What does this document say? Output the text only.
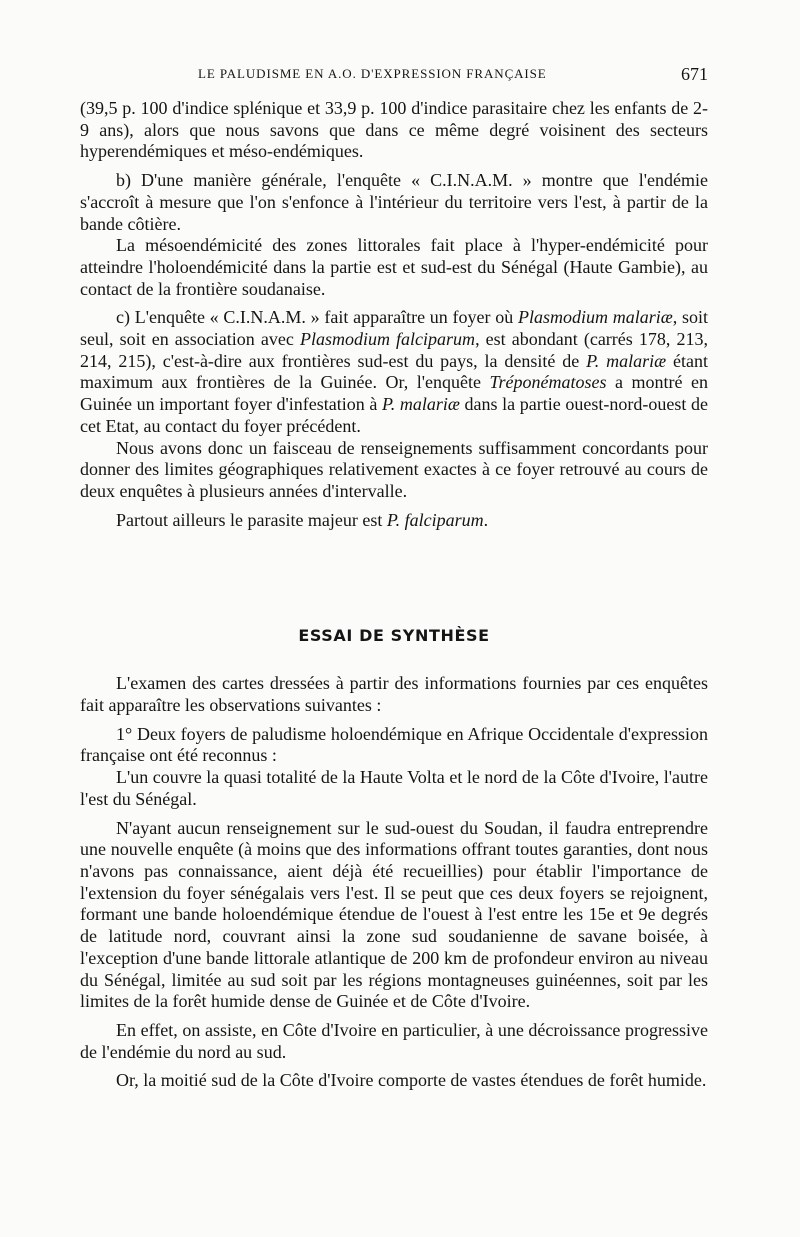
LE PALUDISME EN A.O. D'EXPRESSION FRANÇAISE	671

(39,5 p. 100 d'indice splénique et 33,9 p. 100 d'indice parasitaire chez les enfants de 2-9 ans), alors que nous savons que dans ce même degré voisinent des secteurs hyperendémiques et méso-endémiques.

b) D'une manière générale, l'enquête « C.I.N.A.M. » montre que l'endémie s'accroît à mesure que l'on s'enfonce à l'intérieur du territoire vers l'est, à partir de la bande côtière.

La mésoendémicité des zones littorales fait place à l'hyper-endémicité pour atteindre l'holoendémicité dans la partie est et sud-est du Sénégal (Haute Gambie), au contact de la frontière soudanaise.

c) L'enquête « C.I.N.A.M. » fait apparaître un foyer où Plasmodium malariæ, soit seul, soit en association avec Plasmodium falciparum, est abondant (carrés 178, 213, 214, 215), c'est-à-dire aux frontières sud-est du pays, la densité de P. malariæ étant maximum aux frontières de la Guinée. Or, l'enquête Tréponématoses a montré en Guinée un important foyer d'infestation à P. malariæ dans la partie ouest-nord-ouest de cet Etat, au contact du foyer précédent.

Nous avons donc un faisceau de renseignements suffisamment concordants pour donner des limites géographiques relativement exactes à ce foyer retrouvé au cours de deux enquêtes à plusieurs années d'intervalle.

Partout ailleurs le parasite majeur est P. falciparum.

ESSAI DE SYNTHÈSE

L'examen des cartes dressées à partir des informations fournies par ces enquêtes fait apparaître les observations suivantes :

1° Deux foyers de paludisme holoendémique en Afrique Occidentale d'expression française ont été reconnus :

L'un couvre la quasi totalité de la Haute Volta et le nord de la Côte d'Ivoire, l'autre l'est du Sénégal.

N'ayant aucun renseignement sur le sud-ouest du Soudan, il faudra entreprendre une nouvelle enquête (à moins que des informations offrant toutes garanties, dont nous n'avons pas connaissance, aient déjà été recueillies) pour établir l'importance de l'extension du foyer sénégalais vers l'est. Il se peut que ces deux foyers se rejoignent, formant une bande holoendémique étendue de l'ouest à l'est entre les 15e et 9e degrés de latitude nord, couvrant ainsi la zone sud soudanienne de savane boisée, à l'exception d'une bande littorale atlantique de 200 km de profondeur environ au niveau du Sénégal, limitée au sud soit par les régions montagneuses guinéennes, soit par les limites de la forêt humide dense de Guinée et de Côte d'Ivoire.

En effet, on assiste, en Côte d'Ivoire en particulier, à une décroissance progressive de l'endémie du nord au sud.

Or, la moitié sud de la Côte d'Ivoire comporte de vastes étendues de forêt humide.
